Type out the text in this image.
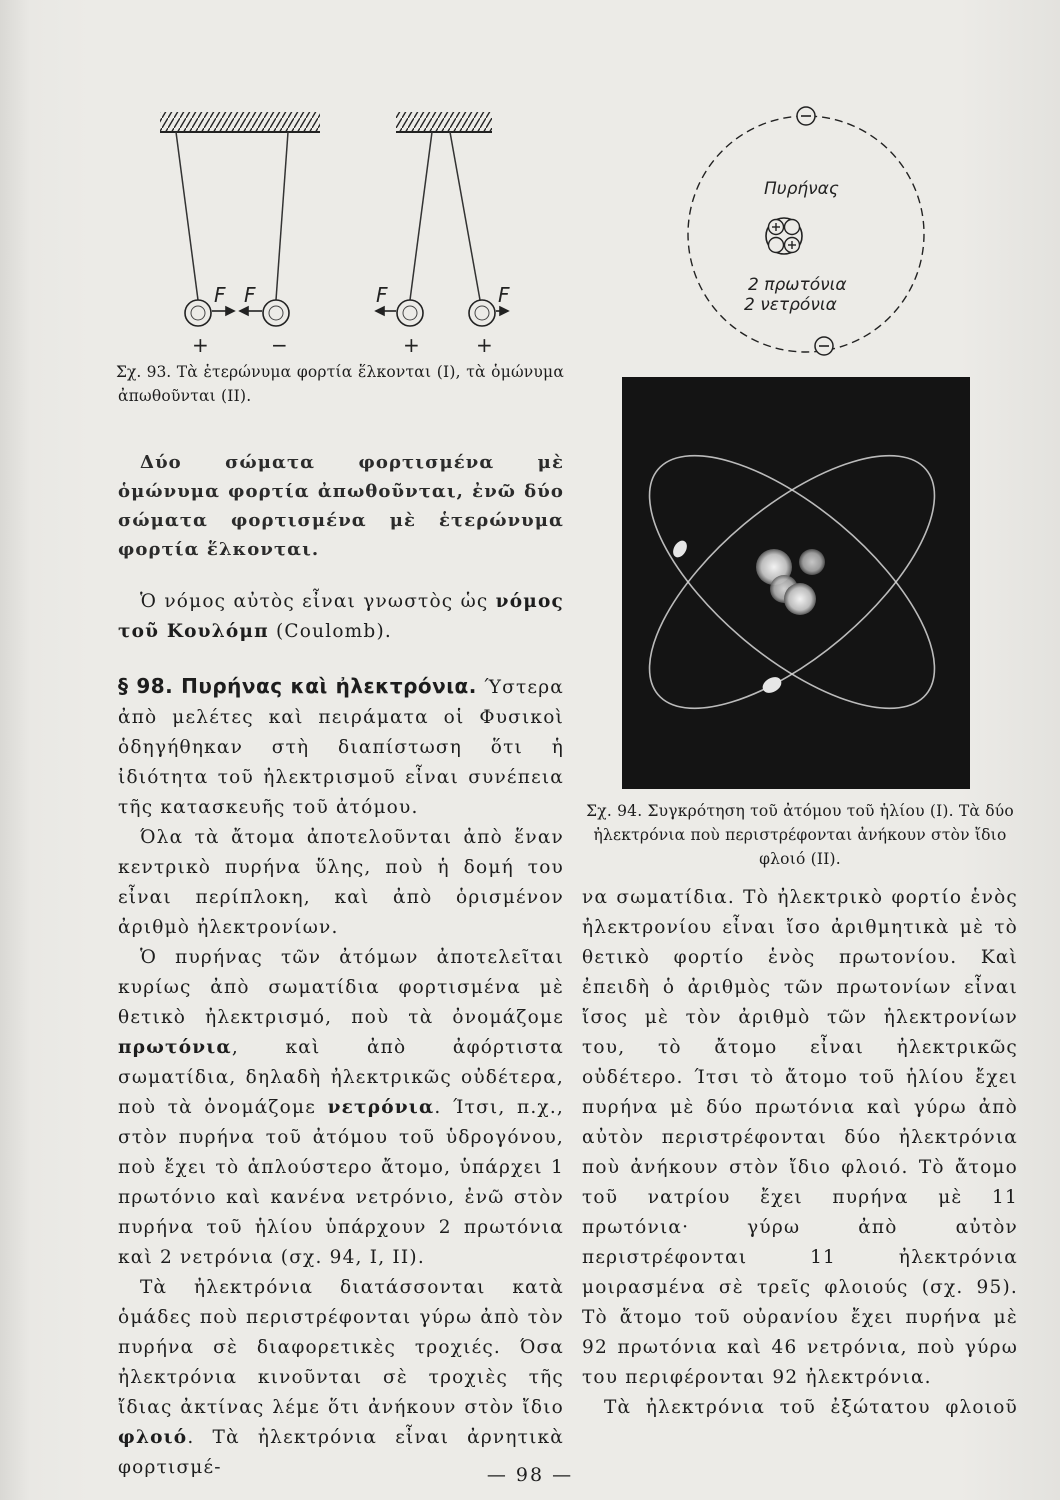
F F	F	F
+	−	+	+
Πυρήνας
2 πρωτόνια
2 νετρόνια

Σχ. 93. Τὰ ἑτερώνυμα φορτία ἕλκονται (I), τὰ ὁμώνυμα ἀπωθοῦνται (II).

Δύο σώματα φορτισμένα μὲ ὁμώνυμα φορτία ἀπωθοῦνται, ἐνῶ δύο σώματα φορτισμένα μὲ ἑτερώνυμα φορτία ἕλκονται.

Ὁ νόμος αὐτὸς εἶναι γνωστὸς ὡς νόμος τοῦ Κουλόμπ (Coulomb).

§ 98. Πυρήνας καὶ ἠλεκτρόνια. Ύστερα ἀπὸ μελέτες καὶ πειράματα οἱ Φυσικοὶ ὁδηγήθηκαν στὴ διαπίστωση ὅτι ἡ ἰδιότητα τοῦ ἠλεκτρισμοῦ εἶναι συνέπεια τῆς κατασκευῆς τοῦ ἀτόμου.

Όλα τὰ ἄτομα ἀποτελοῦνται ἀπὸ ἕναν κεντρικὸ πυρήνα ὕλης, ποὺ ἡ δομή του εἶναι περίπλοκη, καὶ ἀπὸ ὁρισμένον ἀριθμὸ ἠλεκτρονίων.

Ὁ πυρήνας τῶν ἀτόμων ἀποτελεῖται κυρίως ἀπὸ σωματίδια φορτισμένα μὲ θετικὸ ἠλεκτρισμό, ποὺ τὰ ὀνομάζομε πρωτόνια, καὶ ἀπὸ ἀφόρτιστα σωματίδια, δηλαδὴ ἠλεκτρικῶς οὐδέτερα, ποὺ τὰ ὀνομάζομε νετρόνια. Ίτσι, π.χ., στὸν πυρήνα τοῦ ἀτόμου τοῦ ὑδρογόνου, ποὺ ἔχει τὸ ἁπλούστερο ἄτομο, ὑπάρχει 1 πρωτόνιο καὶ κανένα νετρόνιο, ἐνῶ στὸν πυρήνα τοῦ ἡλίου ὑπάρχουν 2 πρωτόνια καὶ 2 νετρόνια (σχ. 94, I, II).

Τὰ ἠλεκτρόνια διατάσσονται κατὰ ὁμάδες ποὺ περιστρέφονται γύρω ἀπὸ τὸν πυρήνα σὲ διαφορετικὲς τροχιές. Όσα ἠλεκτρόνια κινοῦνται σὲ τροχιὲς τῆς ἴδιας ἀκτίνας λέμε ὅτι ἀνήκουν στὸν ἴδιο φλοιό. Τὰ ἠλεκτρόνια εἶναι ἀρνητικὰ φορτισμέ-

Σχ. 94. Συγκρότηση τοῦ ἀτόμου τοῦ ἡλίου (I). Τὰ δύο ἠλεκτρόνια ποὺ περιστρέφονται ἀνήκουν στὸν ἴδιο φλοιό (II).

να σωματίδια. Τὸ ἠλεκτρικὸ φορτίο ἑνὸς ἠλεκτρονίου εἶναι ἴσο ἀριθμητικὰ μὲ τὸ θετικὸ φορτίο ἑνὸς πρωτονίου. Καὶ ἐπειδὴ ὁ ἀριθμὸς τῶν πρωτονίων εἶναι ἴσος μὲ τὸν ἀριθμὸ τῶν ἠλεκτρονίων του, τὸ ἄτομο εἶναι ἠλεκτρικῶς οὐδέτερο. Ίτσι τὸ ἄτομο τοῦ ἡλίου ἔχει πυρήνα μὲ δύο πρωτόνια καὶ γύρω ἀπὸ αὐτὸν περιστρέφονται δύο ἠλεκτρόνια ποὺ ἀνήκουν στὸν ἴδιο φλοιό. Τὸ ἄτομο τοῦ νατρίου ἔχει πυρήνα μὲ 11 πρωτόνια· γύρω ἀπὸ αὐτὸν περιστρέφονται 11 ἠλεκτρόνια μοιρασμένα σὲ τρεῖς φλοιούς (σχ. 95). Τὸ ἄτομο τοῦ οὐρανίου ἔχει πυρήνα μὲ 92 πρωτόνια καὶ 46 νετρόνια, ποὺ γύρω του περιφέρονται 92 ἠλεκτρόνια.

Τὰ ἠλεκτρόνια τοῦ ἐξώτατου φλοιοῦ

— 98 —
